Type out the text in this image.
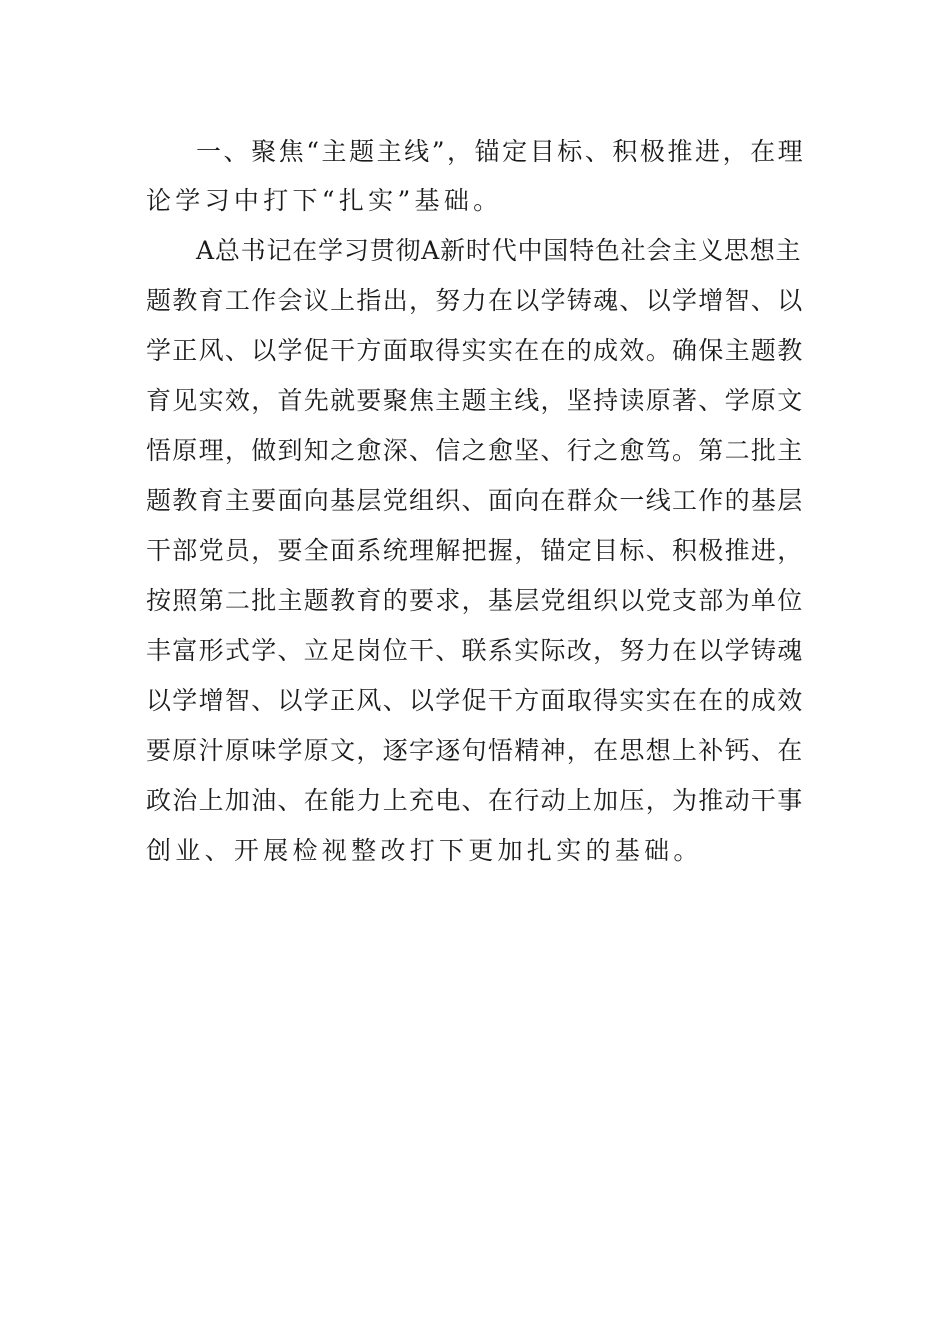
一、聚焦“主题主线”，锚定目标、积极推进，在理
论学习中打下“扎实”基础。
A总书记在学习贯彻A新时代中国特色社会主义思想主
题教育工作会议上指出，努力在以学铸魂、以学增智、以
学正风、以学促干方面取得实实在在的成效。确保主题教
育见实效，首先就要聚焦主题主线，坚持读原著、学原文
悟原理，做到知之愈深、信之愈坚、行之愈笃。第二批主
题教育主要面向基层党组织、面向在群众一线工作的基层
干部党员，要全面系统理解把握，锚定目标、积极推进，
按照第二批主题教育的要求，基层党组织以党支部为单位
丰富形式学、立足岗位干、联系实际改，努力在以学铸魂
以学增智、以学正风、以学促干方面取得实实在在的成效
要原汁原味学原文，逐字逐句悟精神，在思想上补钙、在
政治上加油、在能力上充电、在行动上加压，为推动干事
创业、开展检视整改打下更加扎实的基础。
